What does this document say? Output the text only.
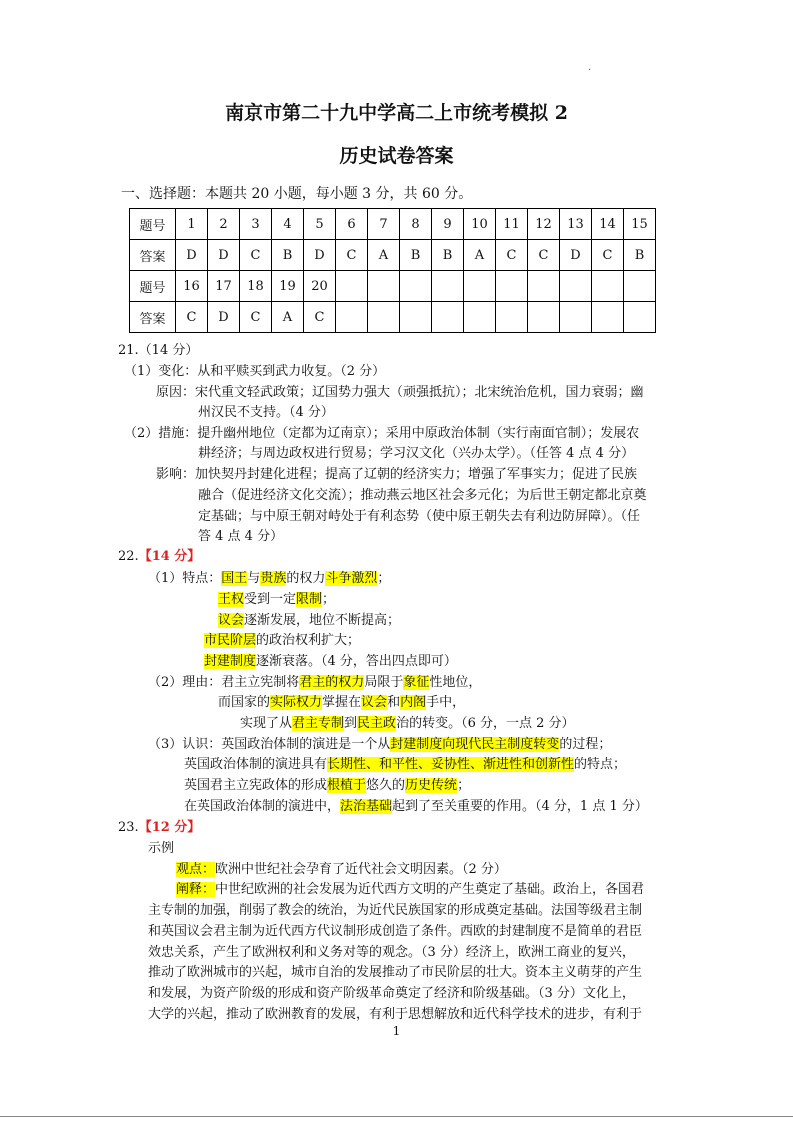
.
南京市第二十九中学高二上市统考模拟 2
历史试卷答案
一、选择题：本题共 20 小题，每小题 3 分，共 60 分。
题号	1	2	3	4	5	6	7	8	9	10	11	12	13	14	15
答案	D	D	C	B	D	C	A	B	B	A	C	C	D	C	B
题号	16	17	18	19	20										
答案	C	D	C	A	C										
21.（14 分）
（1）变化：从和平赎买到武力收复。（2 分）
原因：宋代重文轻武政策；辽国势力强大（顽强抵抗）；北宋统治危机，国力衰弱；幽
州汉民不支持。（4 分）
（2）措施：提升幽州地位（定都为辽南京）；采用中原政治体制（实行南面官制）；发展农
耕经济；与周边政权进行贸易；学习汉文化（兴办太学）。（任答 4 点 4 分）
影响：加快契丹封建化进程；提高了辽朝的经济实力；增强了军事实力；促进了民族
融合（促进经济文化交流）；推动燕云地区社会多元化；为后世王朝定都北京奠
定基础；与中原王朝对峙处于有利态势（使中原王朝失去有利边防屏障）。（任
答 4 点 4 分）
22.【14 分】
（1）特点：国王与贵族的权力斗争激烈；
王权受到一定限制；
议会逐渐发展，地位不断提高；
市民阶层的政治权利扩大；
封建制度逐渐衰落。（4 分，答出四点即可）
（2）理由：君主立宪制将君主的权力局限于象征性地位，
而国家的实际权力掌握在议会和内阁手中，
实现了从君主专制到民主政治的转变。（6 分，一点 2 分）
（3）认识：英国政治体制的演进是一个从封建制度向现代民主制度转变的过程；
英国政治体制的演进具有长期性、和平性、妥协性、渐进性和创新性的特点；
英国君主立宪政体的形成根植于悠久的历史传统；
在英国政治体制的演进中，法治基础起到了至关重要的作用。（4 分，1 点 1 分）
23.【12 分】
示例
观点：欧洲中世纪社会孕育了近代社会文明因素。（2 分）
阐释：中世纪欧洲的社会发展为近代西方文明的产生奠定了基础。政治上，各国君
主专制的加强，削弱了教会的统治，为近代民族国家的形成奠定基础。法国等级君主制
和英国议会君主制为近代西方代议制形成创造了条件。西欧的封建制度不是简单的君臣
效忠关系，产生了欧洲权利和义务对等的观念。（3 分）经济上，欧洲工商业的复兴，
推动了欧洲城市的兴起，城市自治的发展推动了市民阶层的壮大。资本主义萌芽的产生
和发展，为资产阶级的形成和资产阶级革命奠定了经济和阶级基础。（3 分）文化上，
大学的兴起，推动了欧洲教育的发展，有利于思想解放和近代科学技术的进步，有利于
1
